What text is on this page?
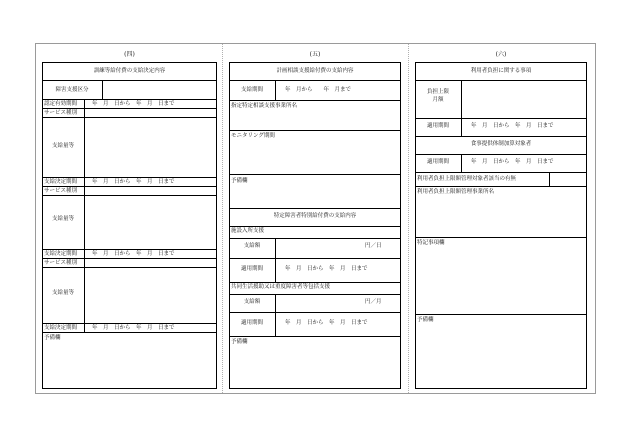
(四)
訓練等給付費の支給決定内容
障害支援区分
認定有効期間	年　月　日から　年　月　日まで
サービス種別
支給量等
支給決定期間	年　月　日から　年　月　日まで
サービス種別
支給量等
支給決定期間	年　月　日から　年　月　日まで
サービス種別
支給量等
支給決定期間	年　月　日から　年　月　日まで
予備欄
(五)
計画相談支援給付費の支給内容
支給期間	年　月から　　年　月まで
指定特定相談支援事業所名
モニタリング期間
予備欄
特定障害者特別給付費の支給内容
施設入所支援
支給額	円／日
適用期間	年　月　日から　年　月　日まで
共同生活援助又は重度障害者等包括支援
支給額	円／月
適用期間	年　月　日から　年　月　日まで
予備欄
(六)
利用者負担に関する事項
負担上限
月額
適用期間	年　月　日から　年　月　日まで
食事提供体制加算対象者
適用期間	年　月　日から　年　月　日まで
利用者負担上限額管理対象者該当の有無
利用者負担上限額管理事業所名
特記事項欄
予備欄
